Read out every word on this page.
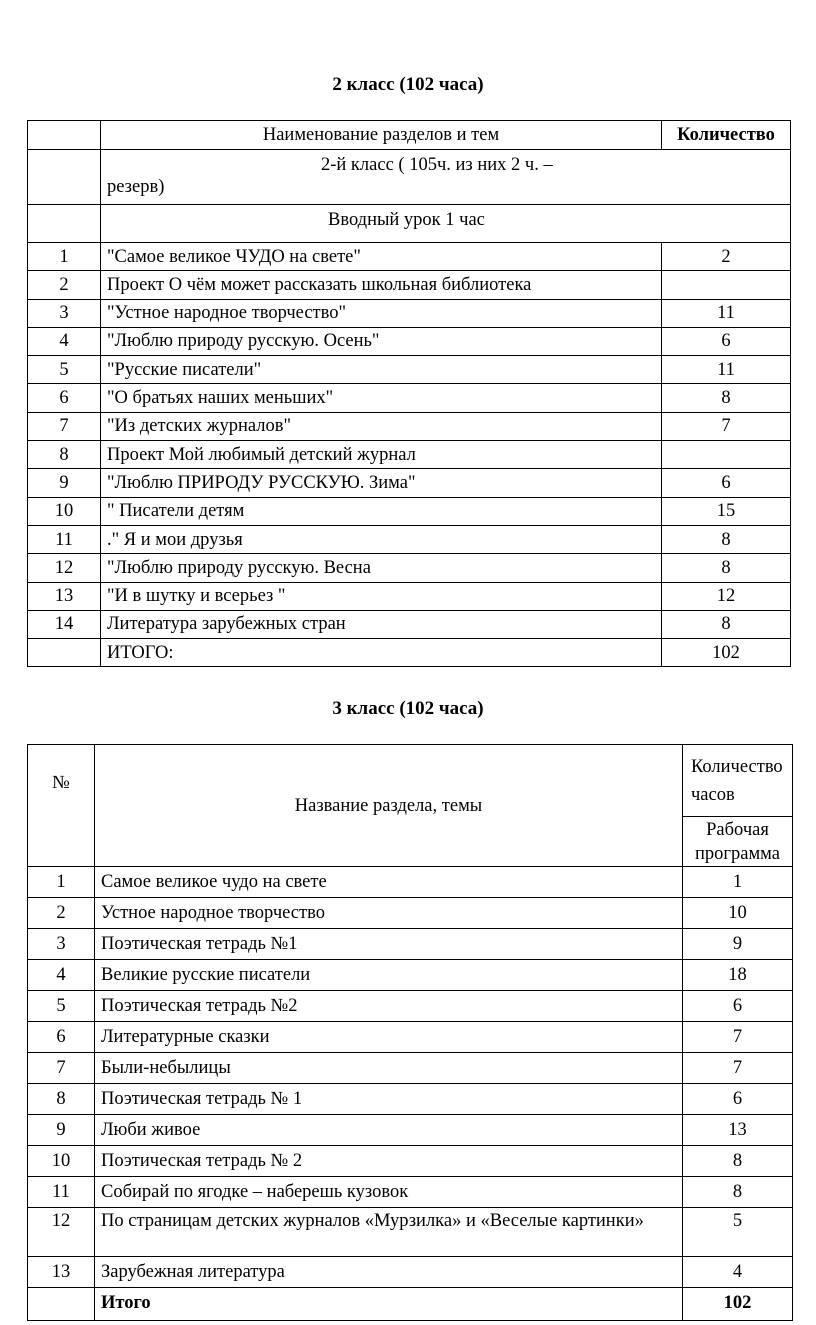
2 класс (102 часа)
	Наименование разделов и тем	Количество

	2-й класс ( 105ч. из них 2 ч. –
резерв)	

	Вводный урок 1 час	
1	"Самое великое ЧУДО на свете"	2
2	Проект О чём может рассказать школьная библиотека	
3	"Устное народное творчество"	11
4	"Люблю природу русскую. Осень"	6
5	"Русские писатели"	11
6	"О братьях наших меньших"	8
7	"Из детских журналов"	7
8	Проект Мой любимый детский журнал	
9	"Люблю ПРИРОДУ РУССКУЮ. Зима"	6
10	" Писатели детям	15
11	." Я и мои друзья	8
12	"Люблю природу русскую. Весна	8
13	"И в шутку и всерьез "	12
14	Литература зарубежных стран	8
	ИТОГО:	102
3 класс (102 часа)
№	Название раздела, темы	Количество часов
		Рабочая программа
1	Самое великое чудо на свете	1
2	Устное народное творчество	10
3	Поэтическая тетрадь №1	9
4	Великие русские писатели	18
5	Поэтическая тетрадь №2	6
6	Литературные сказки	7
7	Были-небылицы	7
8	Поэтическая тетрадь № 1	6
9	Люби живое	13
10	Поэтическая тетрадь № 2	8
11	Собирай по ягодке – наберешь кузовок	8
12	По страницам детских журналов «Мурзилка» и «Веселые картинки»	5
13	Зарубежная литература	4
	Итого	102
